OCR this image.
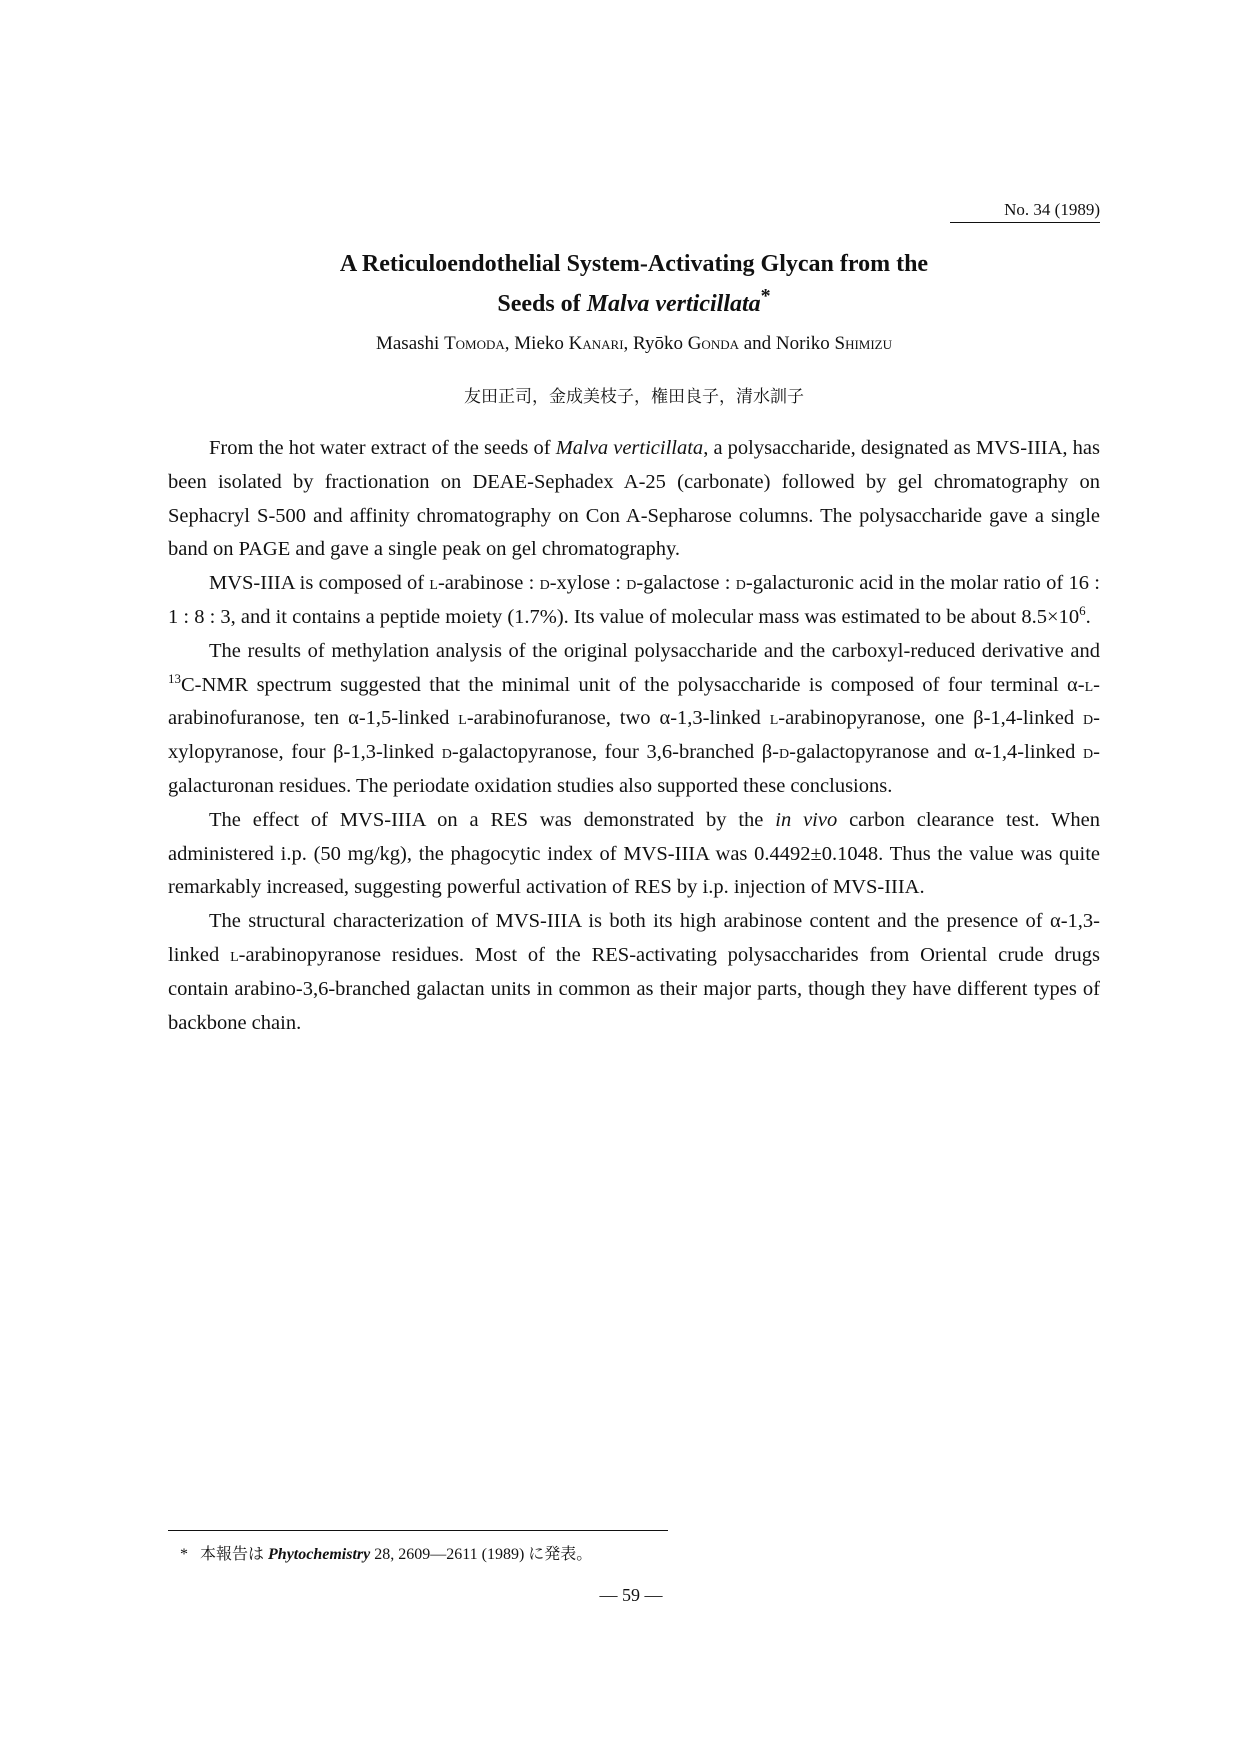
No. 34 (1989)
A Reticuloendothelial System-Activating Glycan from the
Seeds of Malva verticillata*
Masashi Tomoda, Mieko Kanari, Ryōko Gonda and Noriko Shimizu
友田正司，金成美枝子，権田良子，清水訓子

From the hot water extract of the seeds of Malva verticillata, a polysaccharide, designated as MVS-IIIA, has been isolated by fractionation on DEAE-Sephadex A-25 (carbonate) followed by gel chromatography on Sephacryl S-500 and affinity chromatography on Con A-Sepharose columns. The polysaccharide gave a single band on PAGE and gave a single peak on gel chromatography.

MVS-IIIA is composed of l-arabinose : d-xylose : d-galactose : d-galacturonic acid in the molar ratio of 16 : 1 : 8 : 3, and it contains a peptide moiety (1.7%). Its value of molecular mass was estimated to be about $8.5\times 10^6$.

The results of methylation analysis of the original polysaccharide and the carboxyl-reduced derivative and $^{13}$C-NMR spectrum suggested that the minimal unit of the polysaccharide is composed of four terminal α-l-arabinofuranose, ten α-1,5-linked l-arabinofuranose, two α-1,3-linked l-arabinopyranose, one β-1,4-linked d-xylopyranose, four β-1,3-linked d-galactopyranose, four 3,6-branched β-d-galactopyranose and α-1,4-linked d-galacturonan residues. The periodate oxidation studies also supported these conclusions.

The effect of MVS-IIIA on a RES was demonstrated by the in vivo carbon clearance test. When administered i.p. (50 mg/kg), the phagocytic index of MVS-IIIA was 0.4492±0.1048. Thus the value was quite remarkably increased, suggesting powerful activation of RES by i.p. injection of MVS-IIIA.

The structural characterization of MVS-IIIA is both its high arabinose content and the presence of α-1,3-linked l-arabinopyranose residues. Most of the RES-activating polysaccharides from Oriental crude drugs contain arabino-3,6-branched galactan units in common as their major parts, though they have different types of backbone chain.

* 本報告は Phytochemistry 28, 2609—2611 (1989) に発表。
— 59 —
